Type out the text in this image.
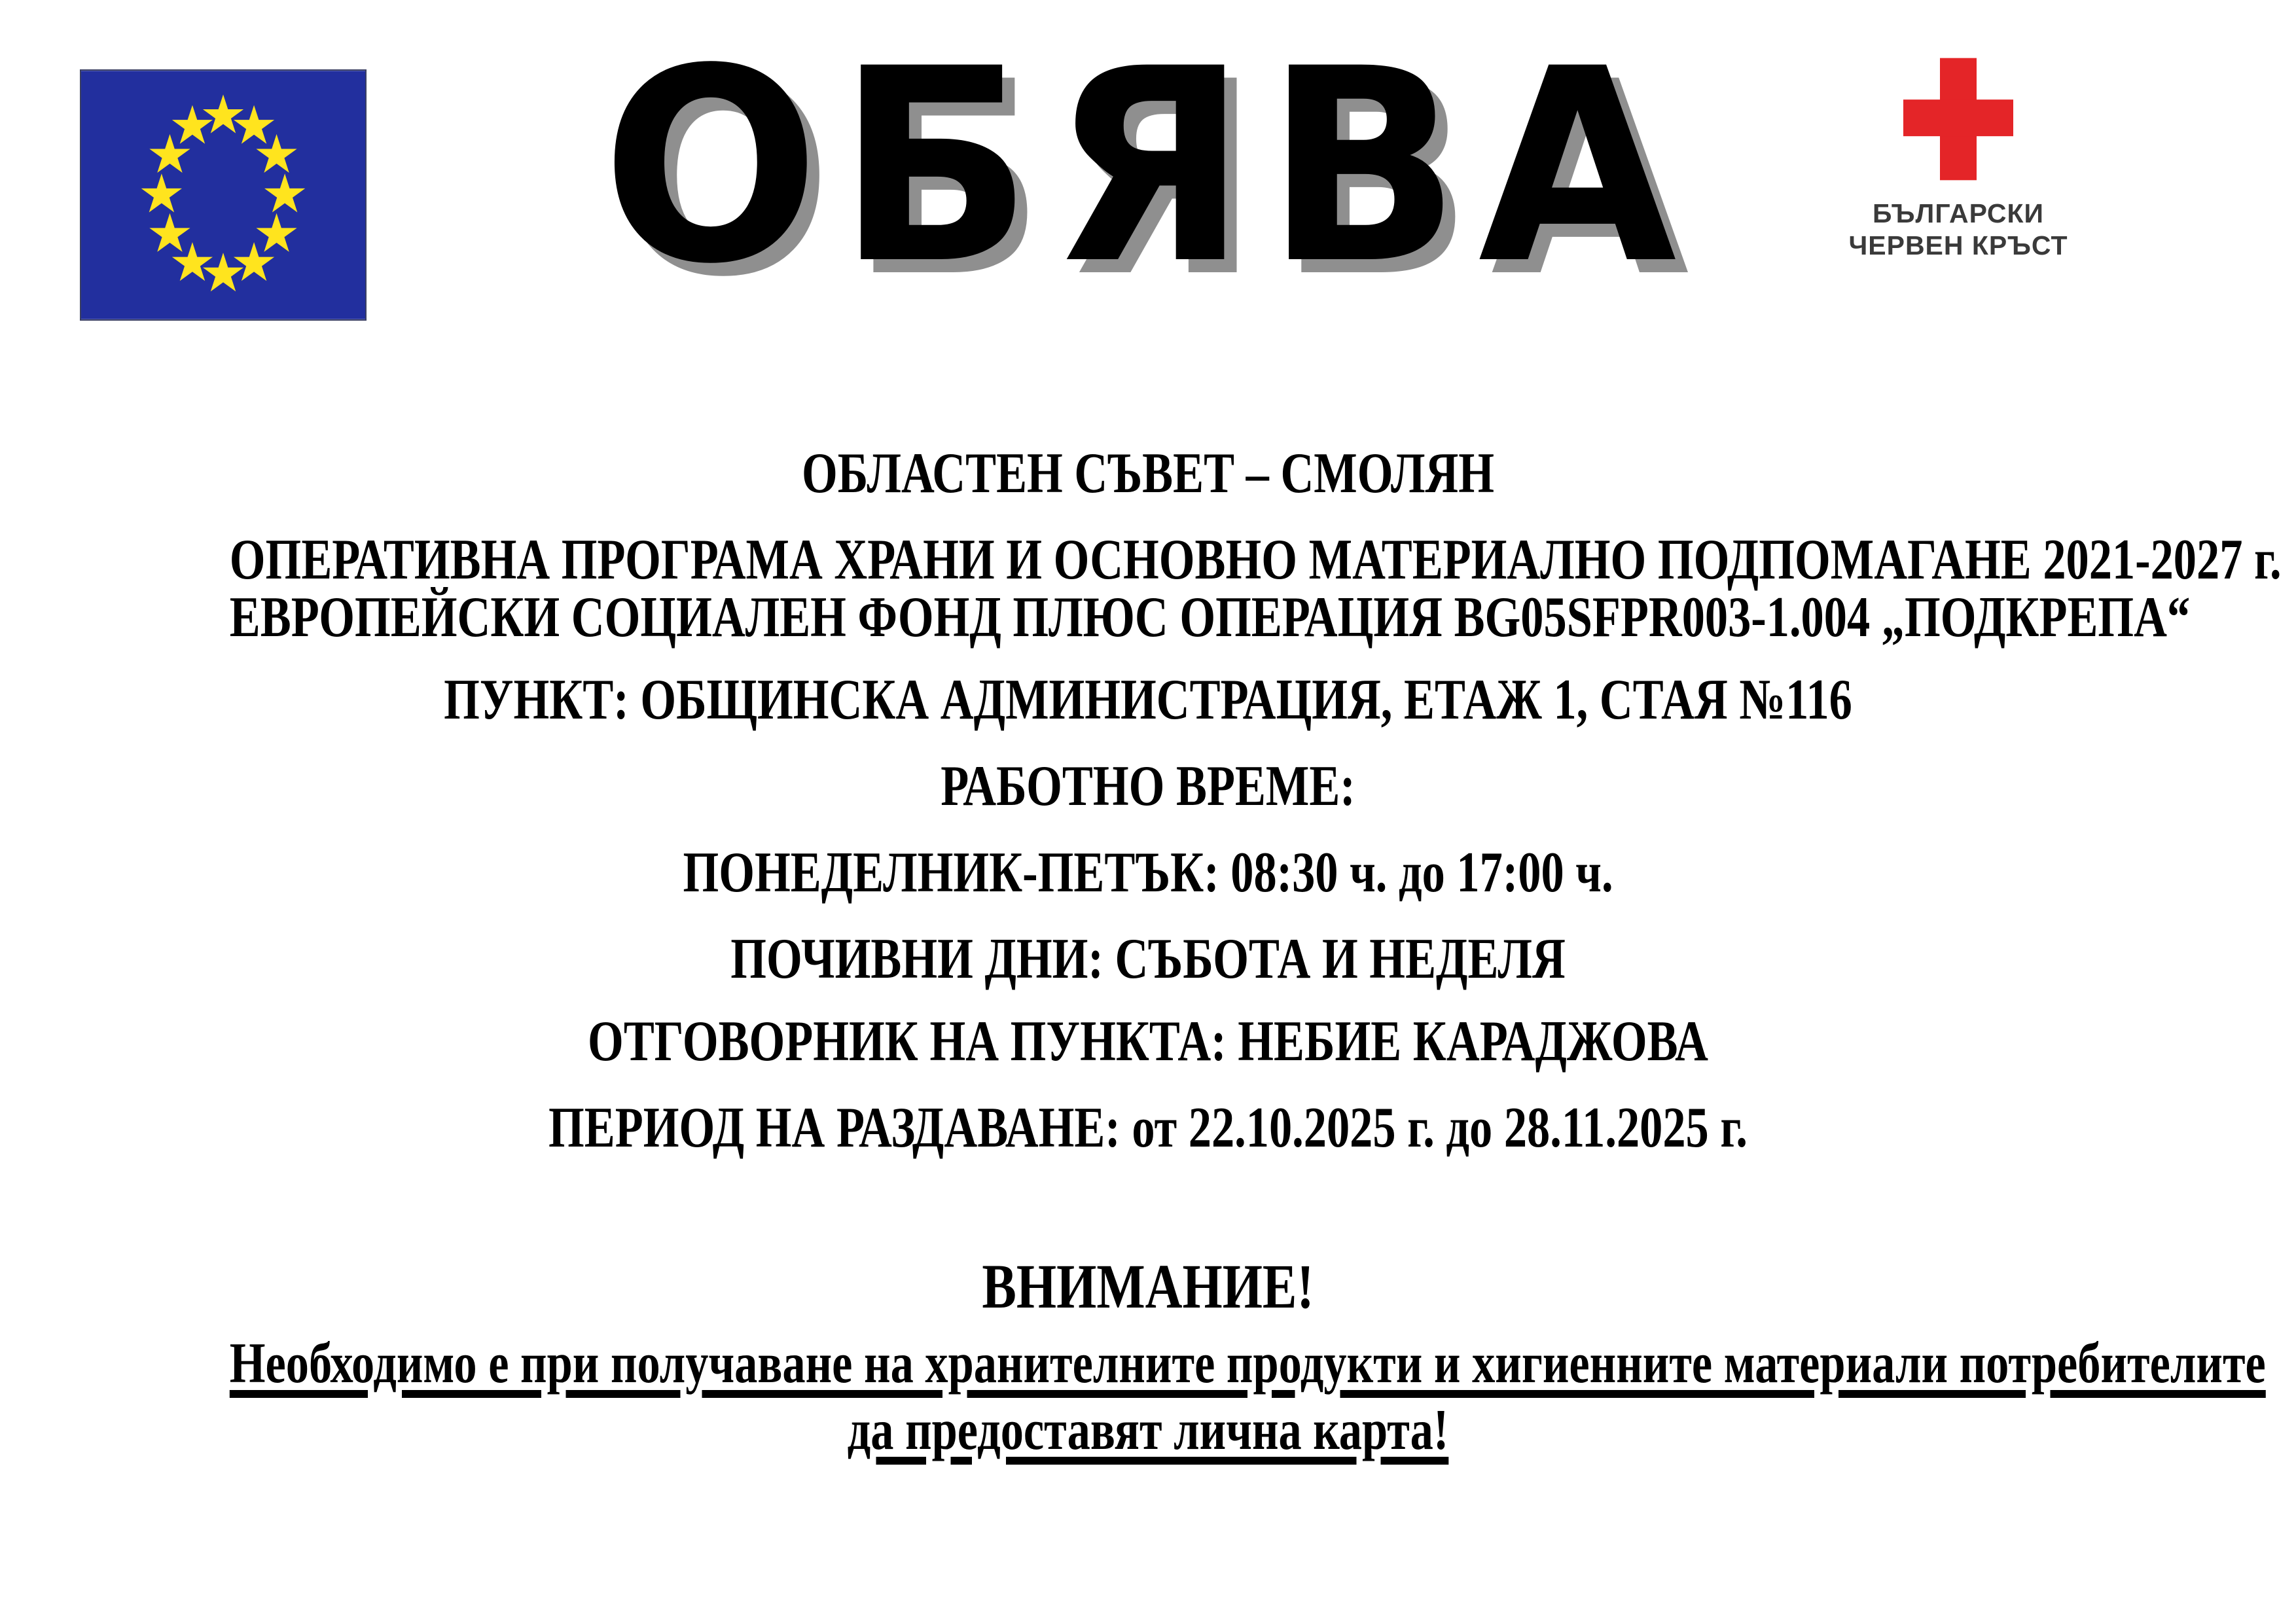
ОБЯВА	БЪЛГАРСКИ
ЧЕРВЕН КРЪСТ
ОБЛАСТЕН СЪВЕТ – СМОЛЯН
ОПЕРАТИВНА ПРОГРАМА ХРАНИ И ОСНОВНО МАТЕРИАЛНО ПОДПОМАГАНЕ 2021-2027 г.
ЕВРОПЕЙСКИ СОЦИАЛЕН ФОНД ПЛЮС ОПЕРАЦИЯ BG05SFPR003-1.004 „ПОДКРЕПА“
ПУНКТ: ОБЩИНСКА АДМИНИСТРАЦИЯ, ЕТАЖ 1, СТАЯ №116
РАБОТНО ВРЕМЕ:
ПОНЕДЕЛНИК-ПЕТЪК: 08:30 ч. до 17:00 ч.
ПОЧИВНИ ДНИ: СЪБОТА И НЕДЕЛЯ
ОТГОВОРНИК НА ПУНКТА: НЕБИЕ КАРАДЖОВА
ПЕРИОД НА РАЗДАВАНЕ: от 22.10.2025 г. до 28.11.2025 г.
ВНИМАНИЕ!
Необходимо е при получаване на хранителните продукти и хигиенните материали потребителите
да предоставят лична карта!
